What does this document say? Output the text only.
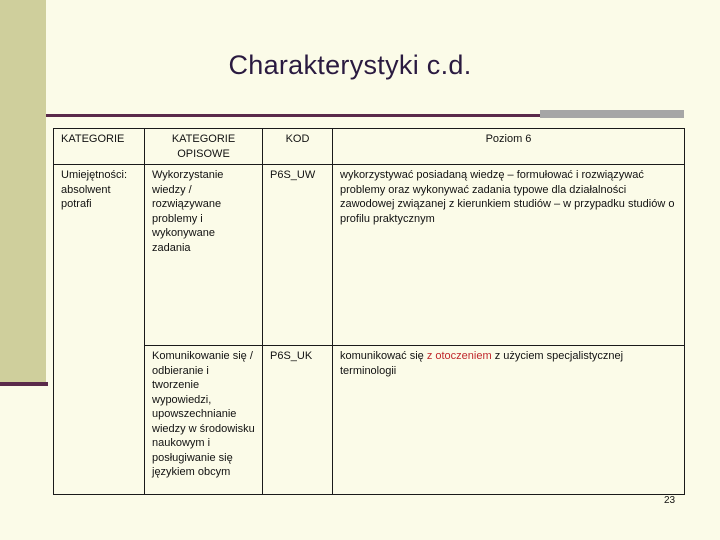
Charakterystyki c.d.
KATEGORIE	KATEGORIE OPISOWE	KOD	Poziom 6
Umiejętności: absolwent potrafi	Wykorzystanie wiedzy / rozwiązywane problemy i wykonywane zadania	P6S_UW	wykorzystywać posiadaną wiedzę – formułować i rozwiązywać problemy oraz wykonywać zadania typowe dla działalności zawodowej związanej z kierunkiem studiów – w przypadku studiów o profilu praktycznym
	Komunikowanie się / odbieranie i tworzenie wypowiedzi, upowszechnianie wiedzy w środowisku naukowym i posługiwanie się językiem obcym	P6S_UK	komunikować się z otoczeniem z użyciem specjalistycznej terminologii
23
